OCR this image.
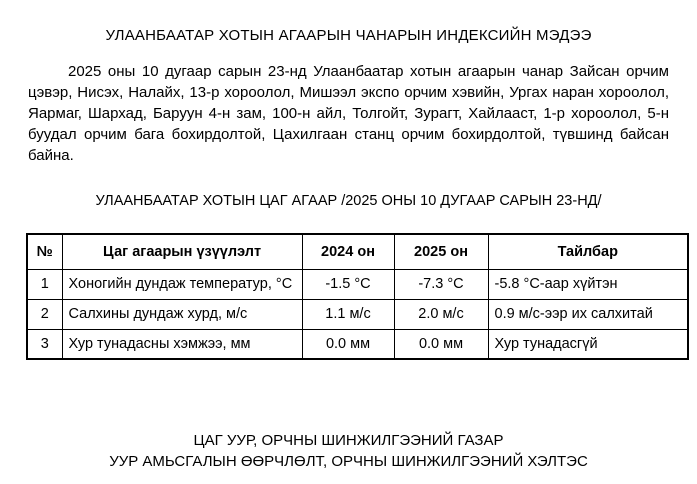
УЛААНБААТАР ХОТЫН АГААРЫН ЧАНАРЫН ИНДЕКСИЙН МЭДЭЭ

2025 оны 10 дугаар сарын 23-нд Улаанбаатар хотын агаарын чанар Зайсан орчим цэвэр, Нисэх, Налайх, 13-р хороолол, Мишээл экспо орчим хэвийн, Ургах наран хороолол, Яармаг, Шархад, Баруун 4-н зам, 100-н айл, Толгойт, Зурагт, Хайлааст, 1-р хороолол, 5-н буудал орчим бага бохирдолтой, Цахилгаан станц орчим бохирдолтой, түвшинд байсан байна.

УЛААНБААТАР ХОТЫН ЦАГ АГААР /2025 ОНЫ 10 ДУГААР САРЫН 23-НД/
№	Цаг агаарын үзүүлэлт	2024 он	2025 он	Тайлбар
1	Хоногийн дундаж температур, °С	-1.5 °С	-7.3 °С	-5.8 °С-аар хүйтэн
2	Салхины дундаж хурд, м/с	1.1 м/с	2.0 м/с	0.9 м/с-ээр их салхитай
3	Хур тунадасны хэмжээ, мм	0.0 мм	0.0 мм	Хур тунадасгүй
ЦАГ УУР, ОРЧНЫ ШИНЖИЛГЭЭНИЙ ГАЗАР
УУР АМЬСГАЛЫН ӨӨРЧЛӨЛТ, ОРЧНЫ ШИНЖИЛГЭЭНИЙ ХЭЛТЭС
